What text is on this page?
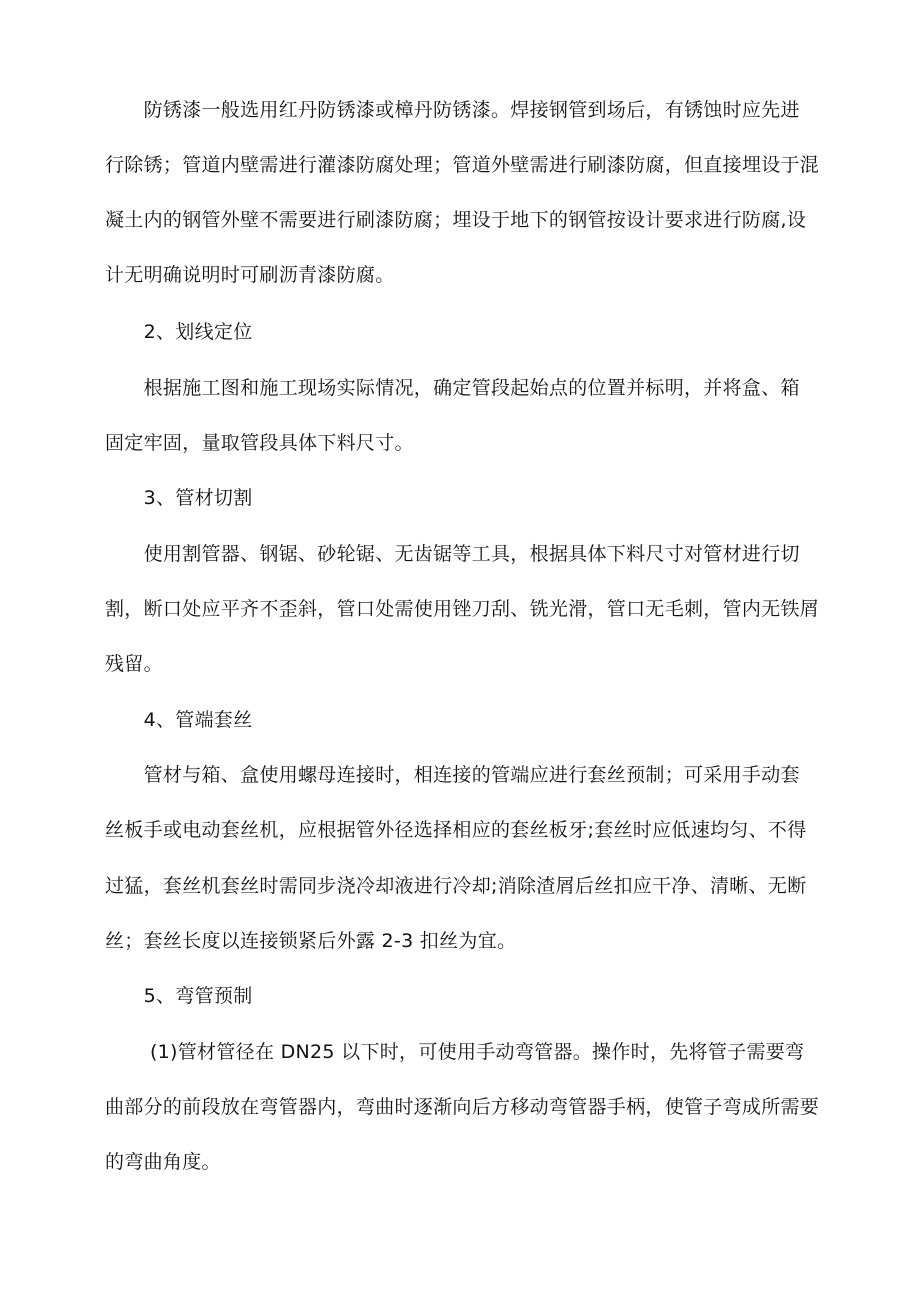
　　防锈漆一般选用红丹防锈漆或樟丹防锈漆。焊接钢管到场后，有锈蚀时应先进
行除锈；管道内壁需进行灌漆防腐处理；管道外壁需进行刷漆防腐，但直接埋设于混
凝土内的钢管外壁不需要进行刷漆防腐；埋设于地下的钢管按设计要求进行防腐,设
计无明确说明时可刷沥青漆防腐。
　　2、划线定位
　　根据施工图和施工现场实际情况，确定管段起始点的位置并标明，并将盒、箱
固定牢固，量取管段具体下料尺寸。
　　3、管材切割
　　使用割管器、钢锯、砂轮锯、无齿锯等工具，根据具体下料尺寸对管材进行切
割，断口处应平齐不歪斜，管口处需使用锉刀刮、铣光滑，管口无毛刺，管内无铁屑
残留。
　　4、管端套丝
　　管材与箱、盒使用螺母连接时，相连接的管端应进行套丝预制；可采用手动套
丝板手或电动套丝机，应根据管外径选择相应的套丝板牙;套丝时应低速均匀、不得
过猛，套丝机套丝时需同步浇冷却液进行冷却;消除渣屑后丝扣应干净、清晰、无断
丝；套丝长度以连接锁紧后外露 2-3 扣丝为宜。
　　5、弯管预制
　　 (1)管材管径在 DN25 以下时，可使用手动弯管器。操作时，先将管子需要弯
曲部分的前段放在弯管器内，弯曲时逐渐向后方移动弯管器手柄，使管子弯成所需要
的弯曲角度。
